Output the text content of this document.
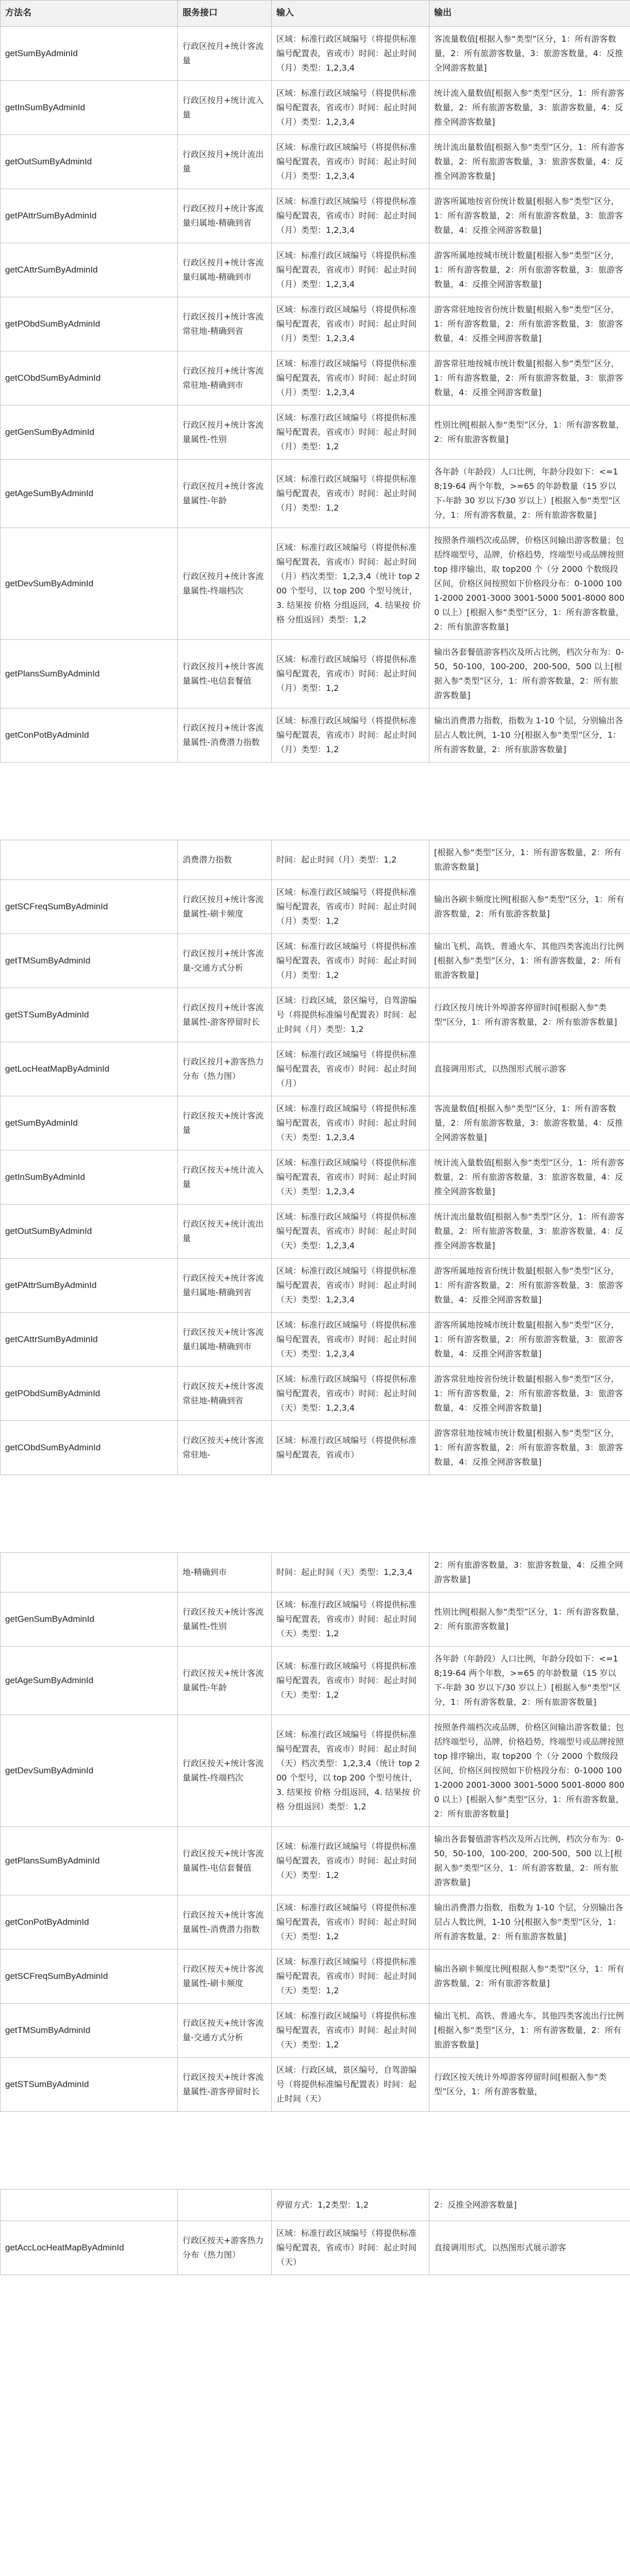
方法名	服务接口	输入	输出
getSumByAdminId	行政区按月+统计客流量	区域：标准行政区域编号（将提供标准编号配置表，省或市）时间：起止时间（月）类型：1,2,3,4	客流量数值[根据入参“类型”区分，1：所有游客数量，2：所有旅游客数量，3：旅游客数量，4：反推全网游客数量]
getInSumByAdminId	行政区按月+统计流入量	区域：标准行政区域编号（将提供标准编号配置表，省或市）时间：起止时间（月）类型：1,2,3,4	统计流入量数值[根据入参“类型”区分，1：所有游客数量，2：所有旅游客数量，3：旅游客数量，4：反推全网游客数量]
getOutSumByAdminId	行政区按月+统计流出量	区域：标准行政区域编号（将提供标准编号配置表，省或市）时间：起止时间（月）类型：1,2,3,4	统计流出量数值[根据入参“类型”区分，1：所有游客数量，2：所有旅游客数量，3：旅游客数量，4：反推全网游客数量]
getPAttrSumByAdminId	行政区按月+统计客流量归属地-精确到省	区域：标准行政区域编号（将提供标准编号配置表，省或市）时间：起止时间（月）类型：1,2,3,4	游客所属地按省份统计数量[根据入参“类型”区分，1：所有游客数量，2：所有旅游客数量，3：旅游客数量，4：反推全网游客数量]
getCAttrSumByAdminId	行政区按月+统计客流量归属地-精确到市	区域：标准行政区域编号（将提供标准编号配置表，省或市）时间：起止时间（月）类型：1,2,3,4	游客所属地按城市统计数量[根据入参“类型”区分，1：所有游客数量，2：所有旅游客数量，3：旅游客数量，4：反推全网游客数量]
getPObdSumByAdminId	行政区按月+统计客流常驻地-精确到省	区域：标准行政区域编号（将提供标准编号配置表，省或市）时间：起止时间（月）类型：1,2,3,4	游客常驻地按省份统计数量[根据入参“类型”区分，1：所有游客数量，2：所有旅游客数量，3：旅游客数量，4：反推全网游客数量]
getCObdSumByAdminId	行政区按月+统计客流常驻地-精确到市	区域：标准行政区域编号（将提供标准编号配置表，省或市）时间：起止时间（月）类型：1,2,3,4	游客常驻地按城市统计数量[根据入参“类型”区分，1：所有游客数量，2：所有旅游客数量，3：旅游客数量，4：反推全网游客数量]
getGenSumByAdminId	行政区按月+统计客流量属性-性别	区域：标准行政区域编号（将提供标准编号配置表，省或市）时间：起止时间（月）类型：1,2	性别比例[根据入参“类型”区分，1：所有游客数量，2：所有旅游客数量]
getAgeSumByAdminId	行政区按月+统计客流量属性-年龄	区域：标准行政区域编号（将提供标准编号配置表，省或市）时间：起止时间（月）类型：1,2	各年龄（年龄段）人口比例，年龄分段如下：<=18;19-64 两个年数，>=65 的年龄数量（15 岁以下-年龄 30 岁以下/30 岁以上）[根据入参“类型”区分，1：所有游客数量，2：所有旅游客数量]
getDevSumByAdminId	行政区按月+统计客流量属性-终端档次	区域：标准行政区域编号（将提供标准编号配置表，省或市）时间：起止时间（月）档次类型：1,2,3,4（统计 top 200 个型号，以 top 200 个型号统计，3. 结果按 价格 分组返回，4. 结果按 价格 分组返回）类型：1,2	按照条件端档次或品牌，价格区间输出游客数量；包括终端型号，品牌，价格趋势，终端型号或品牌按照 top 排序输出，取 top200 个（分 2000 个数级段区间，价格区间按照如下价格段分布：0-1000 1001-2000 2001-3000 3001-5000 5001-8000 8000 以上）[根据入参“类型”区分，1：所有游客数量，2：所有旅游客数量]
getPlansSumByAdminId	行政区按月+统计客流量属性-电信套餐值	区域：标准行政区域编号（将提供标准编号配置表，省或市）时间：起止时间（月）类型：1,2	输出各套餐值游客档次及所占比例，档次分布为：0-50，50-100，100-200，200-500，500 以上[根据入参“类型”区分，1：所有游客数量，2：所有旅游客数量]
getConPotByAdminId	行政区按月+统计客流量属性-消费潜力指数	区域：标准行政区域编号（将提供标准编号配置表，省或市）时间：起止时间（月）类型：1,2	输出消费潜力指数，指数为 1-10 个层，分别输出各层占人数比例，1-10 分[根据入参“类型”区分，1：所有游客数量，2：所有旅游客数量]
	消费潜力指数	时间：起止时间（月）类型：1,2	[根据入参“类型”区分，1：所有游客数量，2：所有旅游客数量]
getSCFreqSumByAdminId	行政区按月+统计客流量属性-刷卡频度	区域：标准行政区域编号（将提供标准编号配置表，省或市）时间：起止时间（月）类型：1,2	输出各刷卡频度比例[根据入参“类型”区分，1：所有游客数量，2：所有旅游客数量]
getTMSumByAdminId	行政区按月+统计客流量-交通方式分析	区域：标准行政区域编号（将提供标准编号配置表，省或市）时间：起止时间（月）类型：1,2	输出飞机、高铁、普通火车、其他四类客流出行比例[根据入参“类型”区分，1：所有游客数量，2：所有旅游客数量]
getSTSumByAdminId	行政区按月+统计客流量属性-游客停留时长	区域：行政区域，景区编号，自驾游编号（将提供标准编号配置表）时间：起止时间（月）类型：1,2	行政区按月统计外埠游客停留时间[根据入参“类型”区分，1：所有游客数量，2：所有旅游客数量]
getLocHeatMapByAdminId	行政区按月+游客热力分布（热力图）	区域：标准行政区域编号（将提供标准编号配置表，省或市）时间：起止时间（月）	直接调用形式，以热图形式展示游客
getSumByAdminId	行政区按天+统计客流量	区域：标准行政区域编号（将提供标准编号配置表，省或市）时间：起止时间（天）类型：1,2,3,4	客流量数值[根据入参“类型”区分，1：所有游客数量，2：所有旅游客数量，3：旅游客数量，4：反推全网游客数量]
getInSumByAdminId	行政区按天+统计流入量	区域：标准行政区域编号（将提供标准编号配置表，省或市）时间：起止时间（天）类型：1,2,3,4	统计流入量数值[根据入参“类型”区分，1：所有游客数量，2：所有旅游客数量，3：旅游客数量，4：反推全网游客数量]
getOutSumByAdminId	行政区按天+统计流出量	区域：标准行政区域编号（将提供标准编号配置表，省或市）时间：起止时间（天）类型：1,2,3,4	统计流出量数值[根据入参“类型”区分，1：所有游客数量，2：所有旅游客数量，3：旅游客数量，4：反推全网游客数量]
getPAttrSumByAdminId	行政区按天+统计客流量归属地-精确到省	区域：标准行政区域编号（将提供标准编号配置表，省或市）时间：起止时间（天）类型：1,2,3,4	游客所属地按省份统计数量[根据入参“类型”区分，1：所有游客数量，2：所有旅游客数量，3：旅游客数量，4：反推全网游客数量]
getCAttrSumByAdminId	行政区按天+统计客流量归属地-精确到市	区域：标准行政区域编号（将提供标准编号配置表，省或市）时间：起止时间（天）类型：1,2,3,4	游客所属地按城市统计数量[根据入参“类型”区分，1：所有游客数量，2：所有旅游客数量，3：旅游客数量，4：反推全网游客数量]
getPObdSumByAdminId	行政区按天+统计客流常驻地-精确到省	区域：标准行政区域编号（将提供标准编号配置表，省或市）时间：起止时间（天）类型：1,2,3,4	游客常驻地按省份统计数量[根据入参“类型”区分，1：所有游客数量，2：所有旅游客数量，3：旅游客数量，4：反推全网游客数量]
getCObdSumByAdminId	行政区按天+统计客流常驻地-	区域：标准行政区域编号（将提供标准编号配置表，省或市）	游客常驻地按城市统计数量[根据入参“类型”区分，1：所有游客数量，2：所有旅游客数量，3：旅游客数量，4：反推全网游客数量]
	地-精确到市	时间：起止时间（天）类型：1,2,3,4	2：所有旅游客数量，3：旅游客数量，4：反推全网游客数量]
getGenSumByAdminId	行政区按天+统计客流量属性-性别	区域：标准行政区域编号（将提供标准编号配置表，省或市）时间：起止时间（天）类型：1,2	性别比例[根据入参“类型”区分，1：所有游客数量，2：所有旅游客数量]
getAgeSumByAdminId	行政区按天+统计客流量属性-年龄	区域：标准行政区域编号（将提供标准编号配置表，省或市）时间：起止时间（天）类型：1,2	各年龄（年龄段）人口比例，年龄分段如下：<=18;19-64 两个年数，>=65 的年龄数量（15 岁以下-年龄 30 岁以下/30 岁以上）[根据入参“类型”区分，1：所有游客数量，2：所有旅游客数量]
getDevSumByAdminId	行政区按天+统计客流量属性-终端档次	区域：标准行政区域编号（将提供标准编号配置表，省或市）时间：起止时间（天）档次类型：1,2,3,4（统计 top 200 个型号，以 top 200 个型号统计，3. 结果按 价格 分组返回，4. 结果按 价格 分组返回）类型：1,2	按照条件端档次或品牌，价格区间输出游客数量；包括终端型号，品牌，价格趋势，终端型号或品牌按照 top 排序输出，取 top200 个（分 2000 个数级段区间，价格区间按照如下价格段分布：0-1000 1001-2000 2001-3000 3001-5000 5001-8000 8000 以上）[根据入参“类型”区分，1：所有游客数量，2：所有旅游客数量]
getPlansSumByAdminId	行政区按天+统计客流量属性-电信套餐值	区域：标准行政区域编号（将提供标准编号配置表，省或市）时间：起止时间（天）类型：1,2	输出各套餐值游客档次及所占比例，档次分布为：0-50，50-100，100-200，200-500，500 以上[根据入参“类型”区分，1：所有游客数量，2：所有旅游客数量]
getConPotByAdminId	行政区按天+统计客流量属性-消费潜力指数	区域：标准行政区域编号（将提供标准编号配置表，省或市）时间：起止时间（天）类型：1,2	输出消费潜力指数，指数为 1-10 个层，分别输出各层占人数比例，1-10 分[根据入参“类型”区分，1：所有游客数量，2：所有旅游客数量]
getSCFreqSumByAdminId	行政区按天+统计客流量属性-刷卡频度	区域：标准行政区域编号（将提供标准编号配置表，省或市）时间：起止时间（天）类型：1,2	输出各刷卡频度比例[根据入参“类型”区分，1：所有游客数量，2：所有旅游客数量]
getTMSumByAdminId	行政区按天+统计客流量-交通方式分析	区域：标准行政区域编号（将提供标准编号配置表，省或市）时间：起止时间（天）类型：1,2	输出飞机、高铁、普通火车、其他四类客流出行比例[根据入参“类型”区分，1：所有游客数量，2：所有旅游客数量]
getSTSumByAdminId	行政区按天+统计客流量属性-游客停留时长	区域：行政区域，景区编号，自驾游编号（将提供标准编号配置表）时间：起止时间（天）	行政区按天统计外埠游客停留时间[根据入参“类型”区分，1：所有游客数量，
		停留方式：1,2类型：1,2	2：反推全网游客数量]
getAccLocHeatMapByAdminId	行政区按天+游客热力分布（热力图）	区域：标准行政区域编号（将提供标准编号配置表，省或市）时间：起止时间（天）	直接调用形式，以热图形式展示游客
